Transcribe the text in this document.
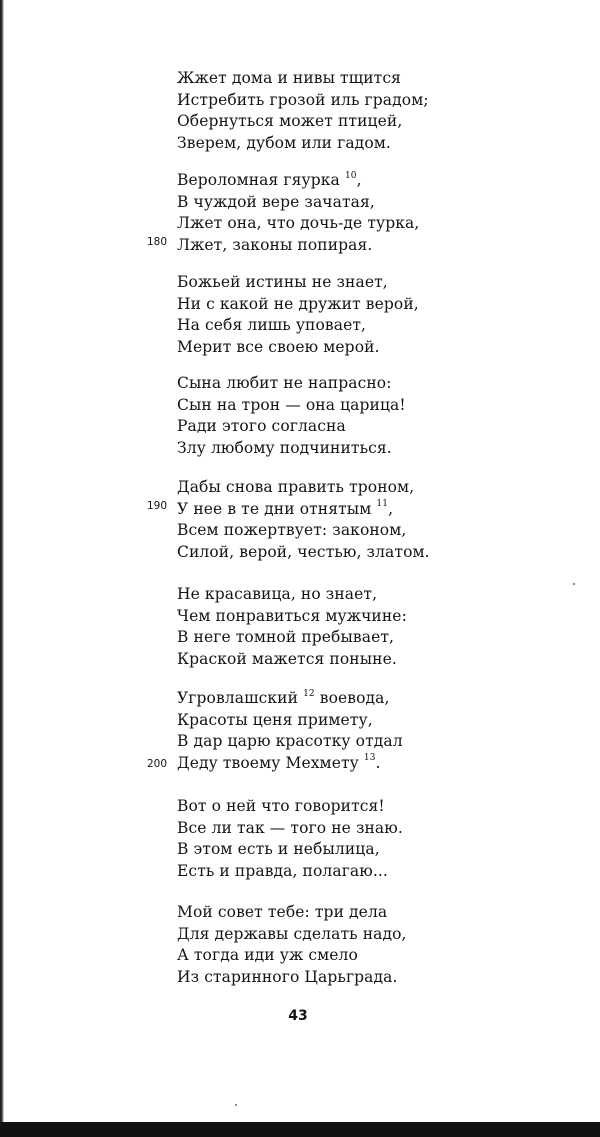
Жжет дома и нивы тщится
Истребить грозой иль градом;
Обернуться может птицей,
Зверем, дубом или гадом.
Вероломная гяурка $^{10}$,
В чуждой вере зачатая,
Лжет она, что дочь-де турка,
Лжет, законы попирая.
180
Божьей истины не знает,
Ни с какой не дружит верой,
На себя лишь уповает,
Мерит все своею мерой.
Сына любит не напрасно:
Сын на трон — она царица!
Ради этого согласна
Злу любому подчиниться.
Дабы снова править троном,
У нее в те дни отнятым $^{11}$,
Всем пожертвует: законом,
Силой, верой, честью, златом.
190
Не красавица, но знает,
Чем понравиться мужчине:
В неге томной пребывает,
Краской мажется поныне.
Угровлашский $^{12}$ воевода,
Красоты ценя примету,
В дар царю красотку отдал
Деду твоему Мехмету $^{13}$.
200
Вот о ней что говорится!
Все ли так — того не знаю.
В этом есть и небылица,
Есть и правда, полагаю...
Мой совет тебе: три дела
Для державы сделать надо,
А тогда иди уж смело
Из старинного Царьграда.
43
